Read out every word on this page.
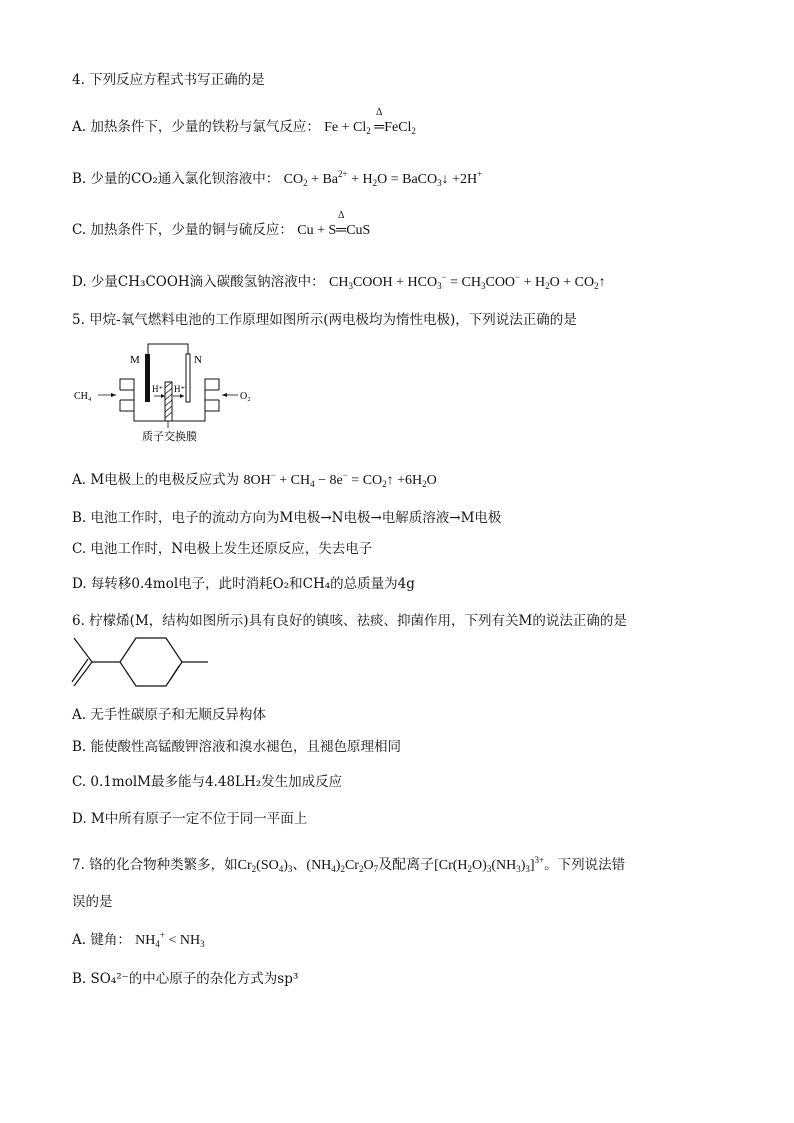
4. 下列反应方程式书写正确的是
A. 加热条件下，少量的铁粉与氯气反应： $Fe + Cl_2$
Δ
═FeCl$_2$
B. 少量的CO₂通入氯化钡溶液中： $CO_2 + Ba^{2+} + H_2O$ = BaCO$_3$↓ +2H+
C. 加热条件下，少量的铜与硫反应： Cu + S
Δ
═CuS
D. 少量CH₃COOH滴入碳酸氢钠溶液中： $CH_3COOH + HCO_3^- = CH_3COO^- + H_2O$ + $CO_2↑$
5. 甲烷-氧气燃料电池的工作原理如图所示(两电极均为惰性电极)，下列说法正确的是
M	N
CH₄	O₂
H⁺ H⁺
质子交换膜
A. M电极上的电极反应式为 $8OH^- + CH_4 - 8e^-$ = $CO_2↑ +6H_2O$
B. 电池工作时，电子的流动方向为M电极→N电极→电解质溶液→M电极
C. 电池工作时，N电极上发生还原反应，失去电子
D. 每转移0.4mol电子，此时消耗O₂和CH₄的总质量为4g
6. 柠檬烯(M，结构如图所示)具有良好的镇咳、祛痰、抑菌作用，下列有关M的说法正确的是
A. 无手性碳原子和无顺反异构体
B. 能使酸性高锰酸钾溶液和溴水褪色，且褪色原理相同
C. 0.1molM最多能与4.48LH₂发生加成反应
D. M中所有原子一定不位于同一平面上
7. 铬的化合物种类繁多，如$Cr_2(SO_4)_3$、$(NH_4)_2Cr_2O_7$及配离子$[Cr(H_2O)_3(NH_3)_3]^{3+}$。下列说法错
误的是
A. 键角： $NH_4^+ < NH_3$
B. SO₄²⁻的中心原子的杂化方式为sp³
